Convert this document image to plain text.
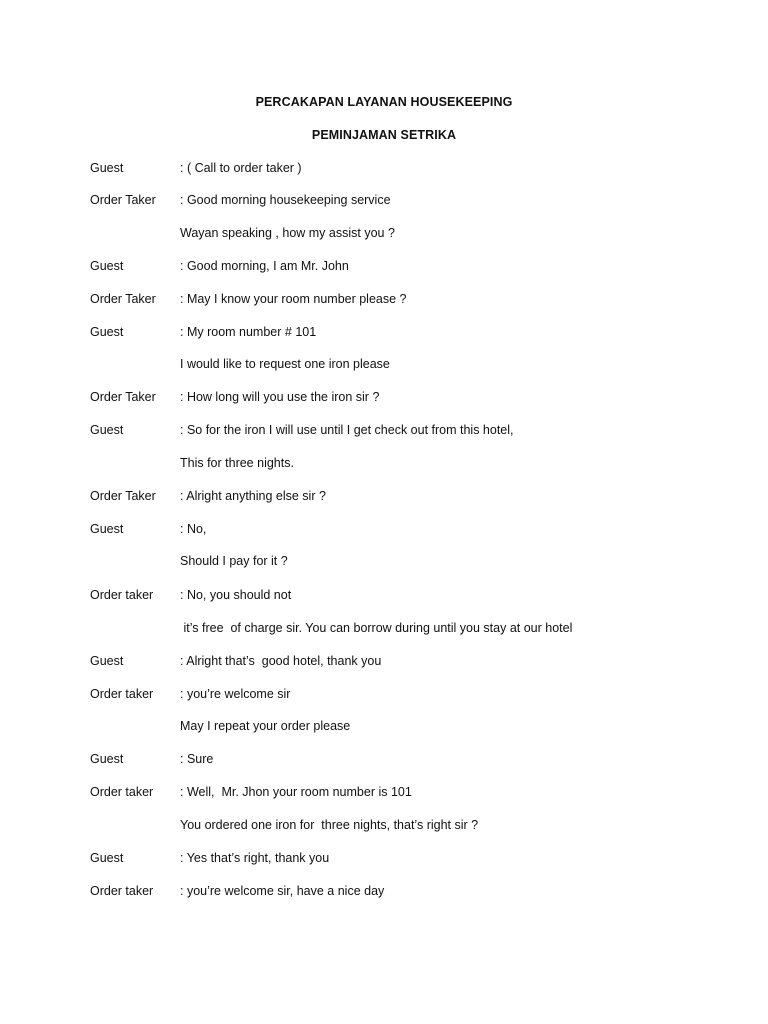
PERCAKAPAN LAYANAN HOUSEKEEPING
PEMINJAMAN SETRIKA
Guest	: ( Call to order taker )
Order Taker : Good morning housekeeping service
Wayan speaking , how my assist you ?
Guest	: Good morning, I am Mr. John
Order Taker : May I know your room number please ?
Guest	: My room number # 101
I would like to request one iron please
Order Taker : How long will you use the iron sir ?
Guest	: So for the iron I will use until I get check out from this hotel,
This for three nights.
Order Taker : Alright anything else sir ?
Guest	: No,
Should I pay for it ?
Order taker : No, you should not
it’s free  of charge sir. You can borrow during until you stay at our hotel
Guest	: Alright that’s  good hotel, thank you
Order taker : you’re welcome sir
May I repeat your order please
Guest	: Sure
Order taker : Well,  Mr. Jhon your room number is 101
You ordered one iron for  three nights, that’s right sir ?
Guest	: Yes that’s right, thank you
Order taker : you’re welcome sir, have a nice day
